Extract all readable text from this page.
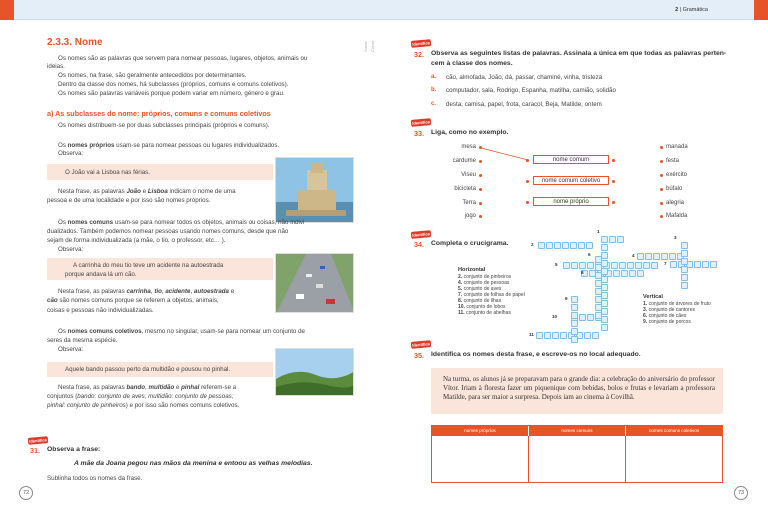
2.3.3. Nome
Os nomes são as palavras que servem para nomear pessoas, lugares, objetos, animais ou
ideias.
Os nomes, na frase, são geralmente antecedidos por determinantes.
Dentro da classe dos nomes, há subclasses (próprios, comuns e comuns coletivos).
Os nomes são palavras variáveis porque podem variar em número, género e grau.
a) As subclasses do nome: próprios, comuns e comuns coletivos
Os nomes distribuem-se por duas subclasses principais (próprios e comuns).
Os nomes próprios usam-se para nomear pessoas ou lugares individualizados.
Observa:
O João vai a Lisboa nas férias.
Nesta frase, as palavras João e Lisboa indicam o nome de uma
pessoa e de uma localidade e por isso são nomes próprios.
Os nomes comuns usam-se para nomear todos os objetos, animais ou coisas, não indivi
dualizados. Também podemos nomear pessoas usando nomes comuns, desde que não
sejam de forma individualizada (a mãe, o tio, o professor, etc… ).
Observa:
A carrinha do meu tio teve um acidente na autoestrada
porque andava lá um cão.
Nesta frase, as palavras carrinha, tio, acidente, autoestrada e
cão são nomes comuns porque se referem a objetos, animais,
coisas e pessoas não individualizadas.
Os nomes comuns coletivos, mesmo no singular, usam-se para nomear um conjunto de
seres da mesma espécie.
Observa:
Aquele bando passou perto da multidão e pousou no pinhal.
Nesta frase, as palavras bando, multidão e pinhal referem-se a
conjuntos (bando: conjunto de aves; multidão: conjunto de pessoas;
pinhal: conjunto de pinheiros) e por isso são nomes comuns coletivos.
Identifica
31. Observa a frase:
A mãe da Joana pegou nas mãos da menina e entoou as velhas melodias.
Sublinha todos os nomes da frase.
72
Nome Correr
2 | Gramática
Identifica
32. Observa as seguintes listas de palavras. Assinala a única em que todas as palavras perten-
cem à classe dos nomes.
a. cão, almofada, João, dá, passar, chaminé, vinha, tristeza
b. computador, sala, Rodrigo, Espanha, matilha, camião, solidão
c. desta, camisa, papel, frota, caracol, Beja, Matilde, ontem
Identifica
33. Liga, como no exemplo.
mesa
cardume
Viseu
bicicleta
Terra
jogo
nome comum
nome comum coletivo
nome próprio
manada
festa
exército
búfalo
alegria
Mafalda
Identifica
34. Completa o crucigrama.
Horizontal
2. conjunto de pinheiros
4. conjunto de pessoas
5. conjunto de aves
7. conjunto de folhas de papel
8. conjunto de ilhas
10. conjunto de lobos
11. conjunto de abelhas
Vertical
1. conjunto de árvores de fruto
3. conjunto de cantores
6. conjunto de cães
9. conjunto de porcos
1
2
3
4
5
6
7
8
9
10
11
Identifica
35. Identifica os nomes desta frase, e escreve-os no local adequado.
Na turma, os alunos já se preparavam para o grande dia: a celebração do aniversário do professor Vítor. Iriam à floresta fazer um piquenique com bebidas, bolos e frutas e levariam a professora Matilde, para ser maior a surpresa. Depois iam ao cinema à Covilhã.
nomes próprios	nomes comuns	nomes comuns coletivos
73
